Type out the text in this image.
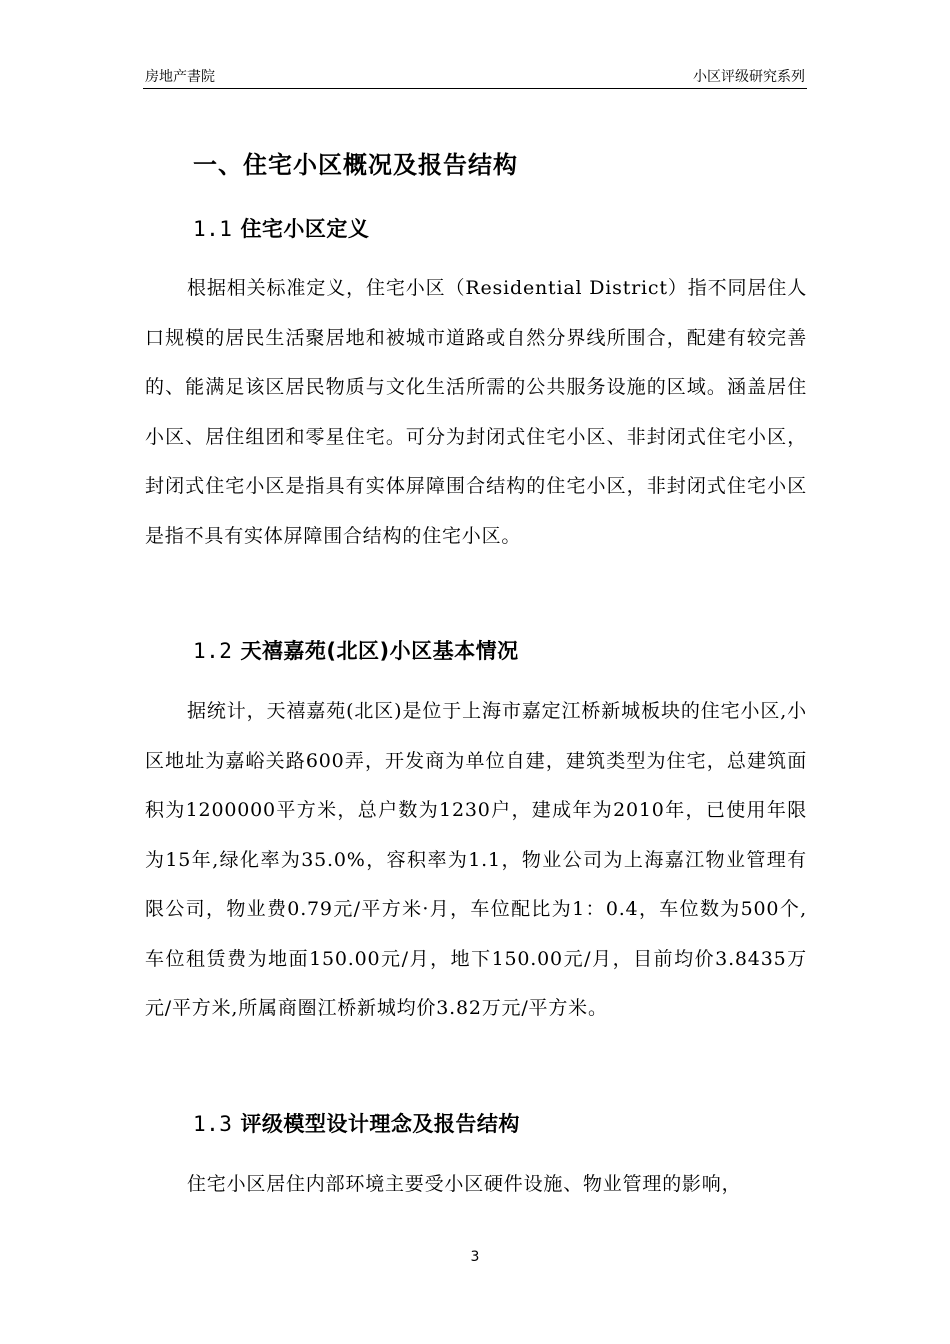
房地产書院	小区评级研究系列
一、住宅小区概况及报告结构
1.1 住宅小区定义

根据相关标准定义，住宅小区（Residential District）指不同居住人口规模的居民生活聚居地和被城市道路或自然分界线所围合，配建有较完善的、能满足该区居民物质与文化生活所需的公共服务设施的区域。涵盖居住小区、居住组团和零星住宅。可分为封闭式住宅小区、非封闭式住宅小区，封闭式住宅小区是指具有实体屏障围合结构的住宅小区，非封闭式住宅小区是指不具有实体屏障围合结构的住宅小区。

1.2 天禧嘉苑(北区)小区基本情况

据统计，天禧嘉苑(北区)是位于上海市嘉定江桥新城板块的住宅小区,小区地址为嘉峪关路600弄，开发商为单位自建，建筑类型为住宅，总建筑面积为1200000平方米，总户数为1230户，建成年为2010年，已使用年限为15年,绿化率为35.0%，容积率为1.1，物业公司为上海嘉江物业管理有限公司，物业费0.79元/平方米·月，车位配比为1：0.4，车位数为500个,车位租赁费为地面150.00元/月，地下150.00元/月，目前均价3.8435万元/平方米,所属商圈江桥新城均价3.82万元/平方米。

1.3 评级模型设计理念及报告结构

住宅小区居住内部环境主要受小区硬件设施、物业管理的影响，

3
